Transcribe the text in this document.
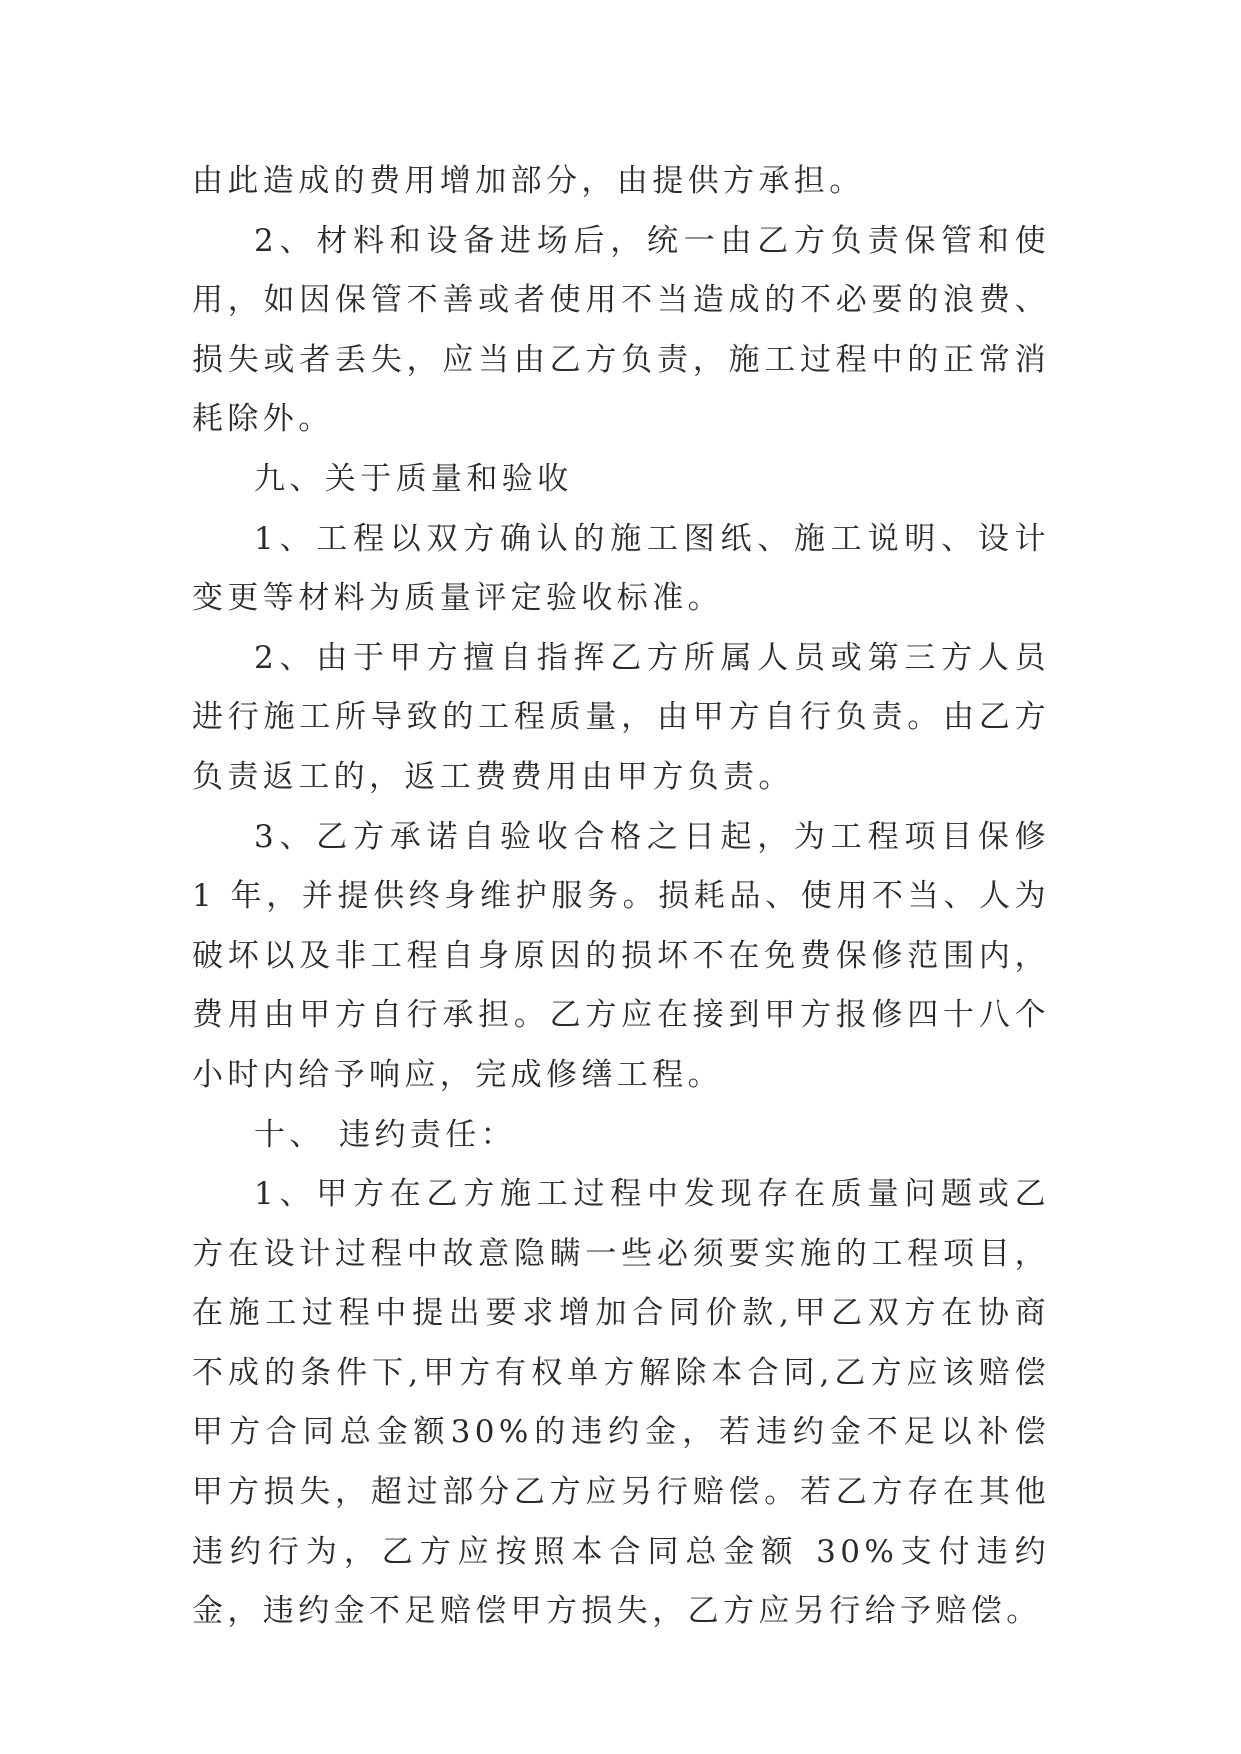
由此造成的费用增加部分，由提供方承担。

2、材料和设备进场后，统一由乙方负责保管和使用，如因保管不善或者使用不当造成的不必要的浪费、损失或者丢失，应当由乙方负责，施工过程中的正常消耗除外。

九、关于质量和验收

1、工程以双方确认的施工图纸、施工说明、设计变更等材料为质量评定验收标准。

2、由于甲方擅自指挥乙方所属人员或第三方人员进行施工所导致的工程质量，由甲方自行负责。由乙方负责返工的，返工费费用由甲方负责。

3、乙方承诺自验收合格之日起，为工程项目保修 1 年，并提供终身维护服务。损耗品、使用不当、人为破坏以及非工程自身原因的损坏不在免费保修范围内，费用由甲方自行承担。乙方应在接到甲方报修四十八个小时内给予响应，完成修缮工程。

十、 违约责任：

1、甲方在乙方施工过程中发现存在质量问题或乙方在设计过程中故意隐瞒一些必须要实施的工程项目，在施工过程中提出要求增加合同价款,甲乙双方在协商不成的条件下,甲方有权单方解除本合同,乙方应该赔偿甲方合同总金额30%的违约金，若违约金不足以补偿甲方损失，超过部分乙方应另行赔偿。若乙方存在其他违约行为，乙方应按照本合同总金额 30%支付违约金，违约金不足赔偿甲方损失，乙方应另行给予赔偿。
